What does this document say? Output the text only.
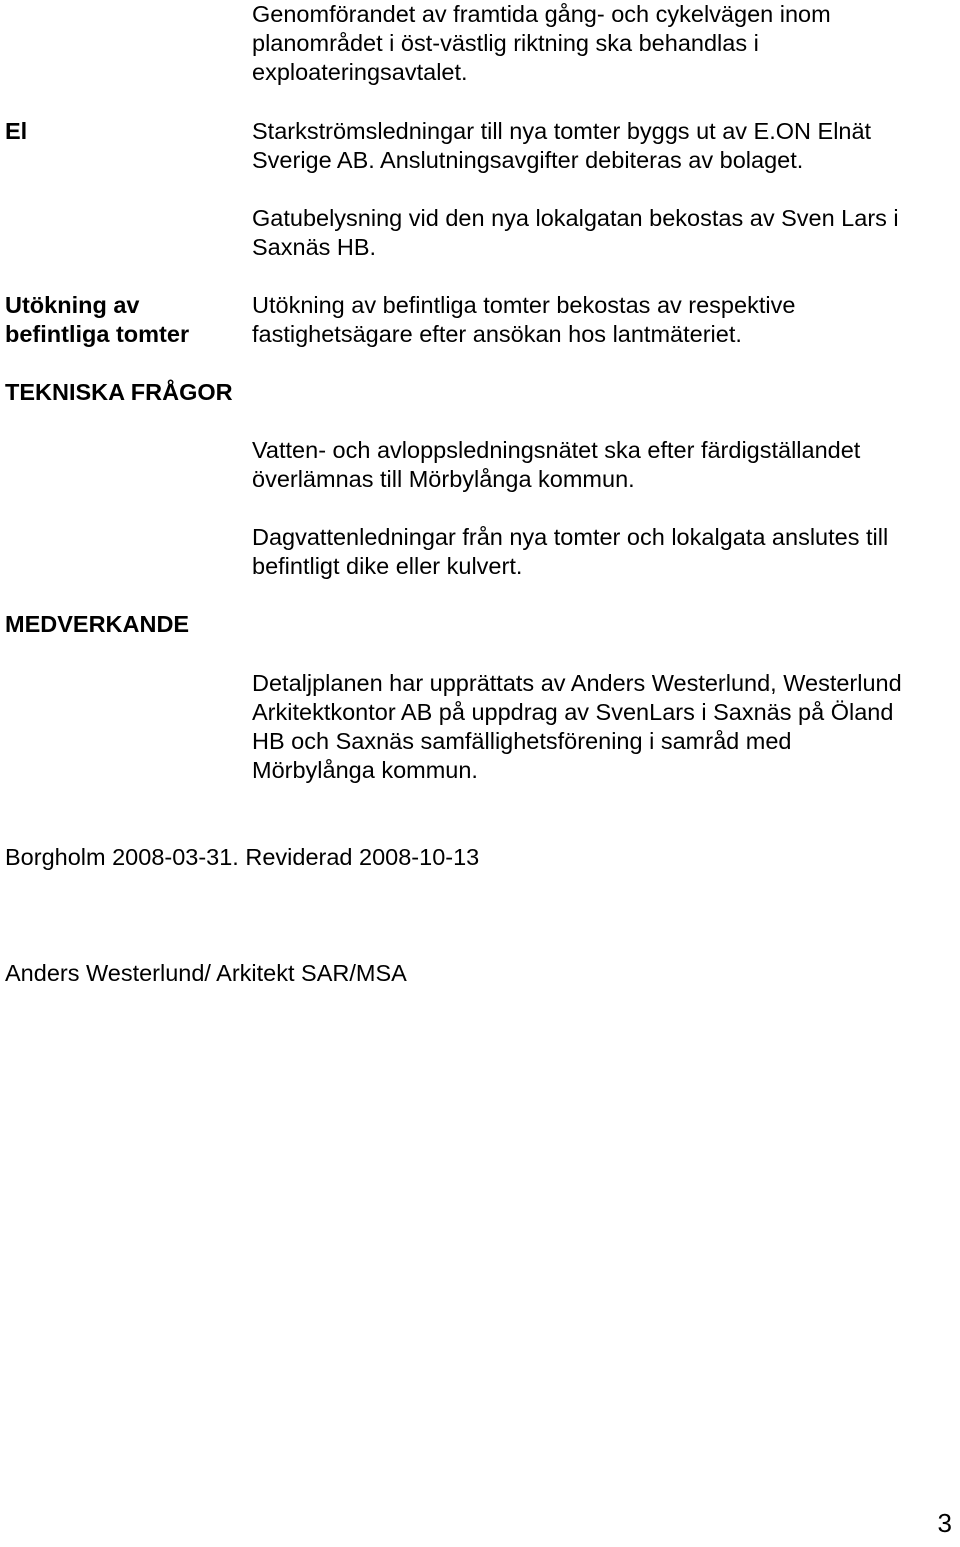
Genomförandet av framtida gång- och cykelvägen inom
planområdet i öst-västlig riktning ska behandlas i
exploateringsavtalet.
El	Starkströmsledningar till nya tomter byggs ut av E.ON Elnät
Sverige AB. Anslutningsavgifter debiteras av bolaget.
Gatubelysning vid den nya lokalgatan bekostas av Sven Lars i
Saxnäs HB.
Utökning av
befintliga tomter
Utökning av befintliga tomter bekostas av respektive
fastighetsägare efter ansökan hos lantmäteriet.
TEKNISKA FRÅGOR
Vatten- och avloppsledningsnätet ska efter färdigställandet
överlämnas till Mörbylånga kommun.
Dagvattenledningar från nya tomter och lokalgata anslutes till
befintligt dike eller kulvert.
MEDVERKANDE
Detaljplanen har upprättats av Anders Westerlund, Westerlund
Arkitektkontor AB på uppdrag av SvenLars i Saxnäs på Öland
HB och Saxnäs samfällighetsförening i samråd med
Mörbylånga kommun.
Borgholm 2008-03-31. Reviderad 2008-10-13
Anders Westerlund/ Arkitekt SAR/MSA
3
